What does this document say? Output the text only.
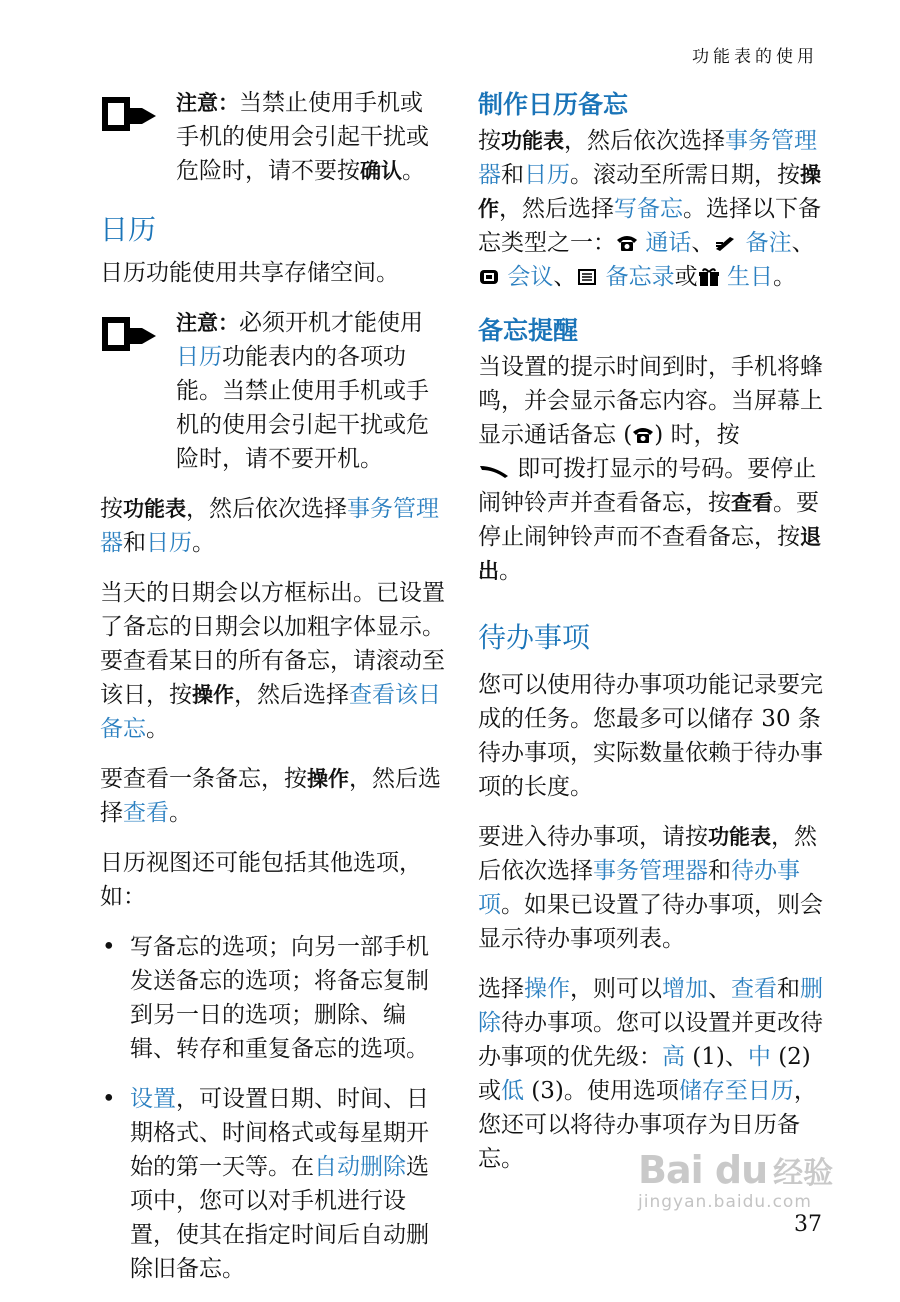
功能表的使用

注意：当禁止使用手机或手机的使用会引起干扰或危险时，请不要按确认。

日历

日历功能使用共享存储空间。

注意：必须开机才能使用日历功能表内的各项功能。当禁止使用手机或手机的使用会引起干扰或危险时，请不要开机。

按功能表，然后依次选择事务管理器和日历。

当天的日期会以方框标出。已设置了备忘的日期会以加粗字体显示。要查看某日的所有备忘，请滚动至该日，按操作，然后选择查看该日备忘。

要查看一条备忘，按操作，然后选择查看。

日历视图还可能包括其他选项，如：

• 写备忘的选项；向另一部手机发送备忘的选项；将备忘复制到另一日的选项；删除、编辑、转存和重复备忘的选项。
• 设置，可设置日期、时间、日期格式、时间格式或每星期开始的第一天等。在自动删除选项中，您可以对手机进行设置，使其在指定时间后自动删除旧备忘。
制作日历备忘

按功能表，然后依次选择事务管理器和日历。滚动至所需日期，按操作，然后选择写备忘。选择以下备忘类型之一： 通话、 备注、 会议、 备忘录或 生日。

备忘提醒

当设置的提示时间到时，手机将蜂鸣，并会显示备忘内容。当屏幕上显示通话备忘 ( ) 时，按
即可拨打显示的号码。要停止闹钟铃声并查看备忘，按查看。要停止闹钟铃声而不查看备忘，按退出。

待办事项

您可以使用待办事项功能记录要完成的任务。您最多可以储存 30 条待办事项，实际数量依赖于待办事项的长度。

要进入待办事项，请按功能表，然后依次选择事务管理器和待办事项。如果已设置了待办事项，则会显示待办事项列表。

选择操作，则可以增加、查看和删除待办事项。您可以设置并更改待办事项的优先级：高 (1)、中 (2) 或低 (3)。使用选项储存至日历，您还可以将待办事项存为日历备忘。	Bai du 经验
jingyan.baidu.com
37
